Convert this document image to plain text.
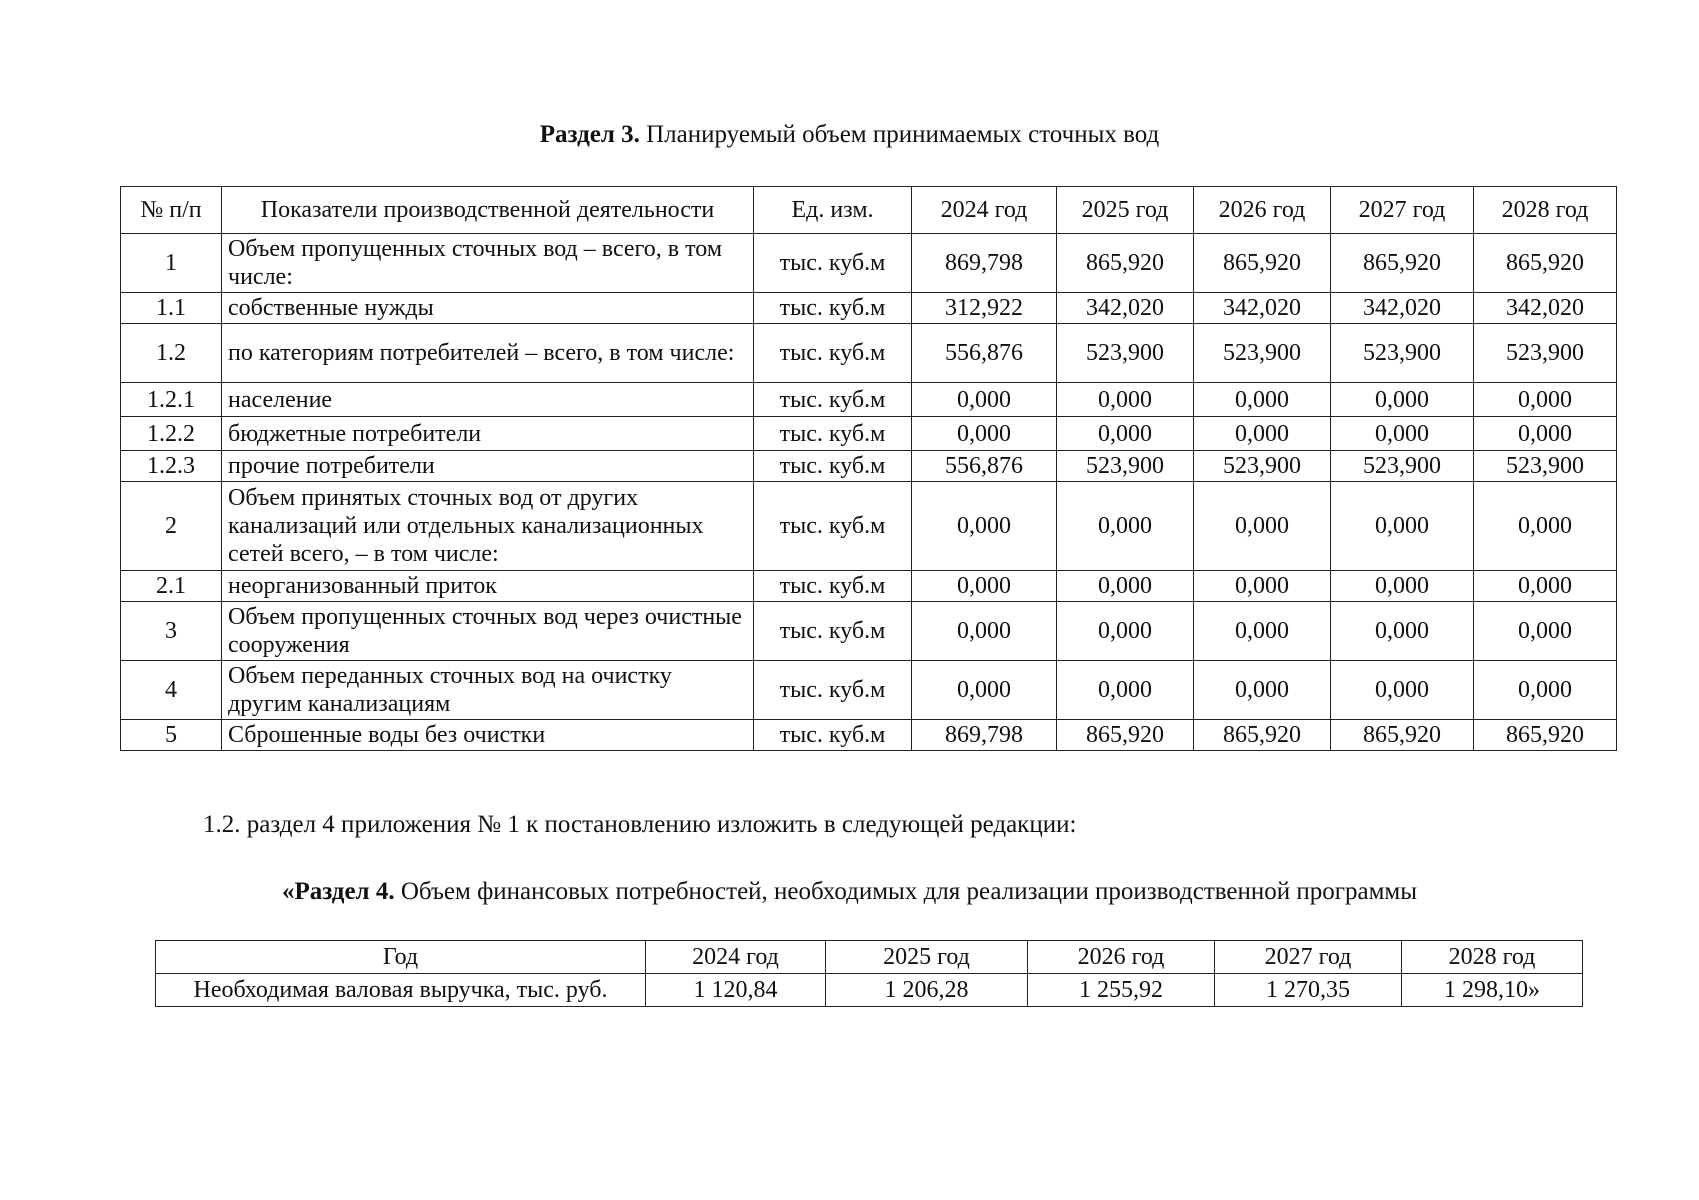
Раздел 3. Планируемый объем принимаемых сточных вод
№ п/п	Показатели производственной деятельности	Ед. изм.	2024 год	2025 год	2026 год	2027 год	2028 год
1	Объем пропущенных сточных вод – всего, в том числе:	тыс. куб.м	869,798	865,920	865,920	865,920	865,920
1.1	собственные нужды	тыс. куб.м	312,922	342,020	342,020	342,020	342,020
1.2	по категориям потребителей – всего, в том числе:	тыс. куб.м	556,876	523,900	523,900	523,900	523,900
1.2.1	население	тыс. куб.м	0,000	0,000	0,000	0,000	0,000
1.2.2	бюджетные потребители	тыс. куб.м	0,000	0,000	0,000	0,000	0,000
1.2.3	прочие потребители	тыс. куб.м	556,876	523,900	523,900	523,900	523,900
2	Объем принятых сточных вод от других канализаций или отдельных канализационных сетей всего, – в том числе:	тыс. куб.м	0,000	0,000	0,000	0,000	0,000
2.1	неорганизованный приток	тыс. куб.м	0,000	0,000	0,000	0,000	0,000
3	Объем пропущенных сточных вод через очистные сооружения	тыс. куб.м	0,000	0,000	0,000	0,000	0,000
4	Объем переданных сточных вод на очистку другим канализациям	тыс. куб.м	0,000	0,000	0,000	0,000	0,000
5	Сброшенные воды без очистки	тыс. куб.м	869,798	865,920	865,920	865,920	865,920
1.2. раздел 4 приложения № 1 к постановлению изложить в следующей редакции:
«Раздел 4. Объем финансовых потребностей, необходимых для реализации производственной программы
Год	2024 год	2025 год	2026 год	2027 год	2028 год
Необходимая валовая выручка, тыс. руб.	1 120,84	1 206,28	1 255,92	1 270,35	1 298,10»
